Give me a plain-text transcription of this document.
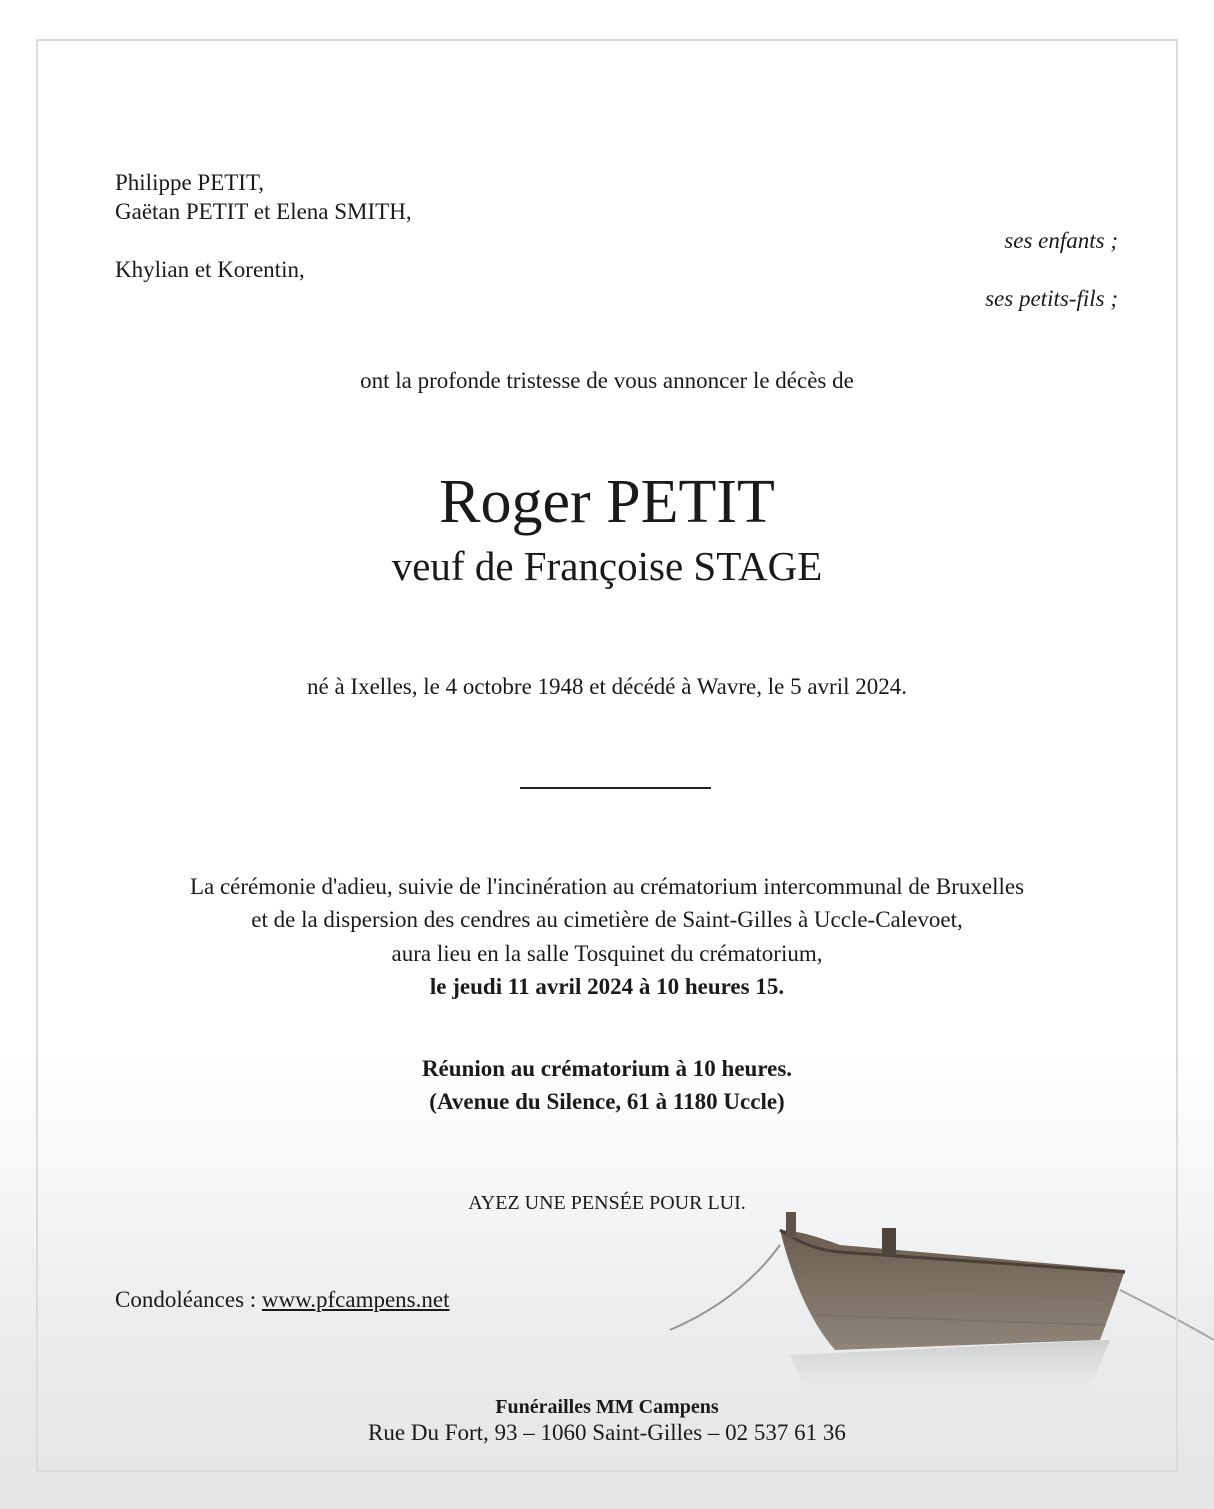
Philippe PETIT,
Gaëtan PETIT et Elena SMITH,
ses enfants ;
Khylian et Korentin,
ses petits-fils ;
ont la profonde tristesse de vous annoncer le décès de
Roger PETIT
veuf de Françoise STAGE
né à Ixelles, le 4 octobre 1948 et décédé à Wavre, le 5 avril 2024.
La cérémonie d'adieu, suivie de l'incinération au crématorium intercommunal de Bruxelles
et de la dispersion des cendres au cimetière de Saint-Gilles à Uccle-Calevoet,
aura lieu en la salle Tosquinet du crématorium,
le jeudi 11 avril 2024 à 10 heures 15.
Réunion au crématorium à 10 heures.
(Avenue du Silence, 61 à 1180 Uccle)
AYEZ UNE PENSÉE POUR LUI.
Condoléances : www.pfcampens.net
Funérailles MM Campens
Rue Du Fort, 93 – 1060 Saint-Gilles – 02 537 61 36
